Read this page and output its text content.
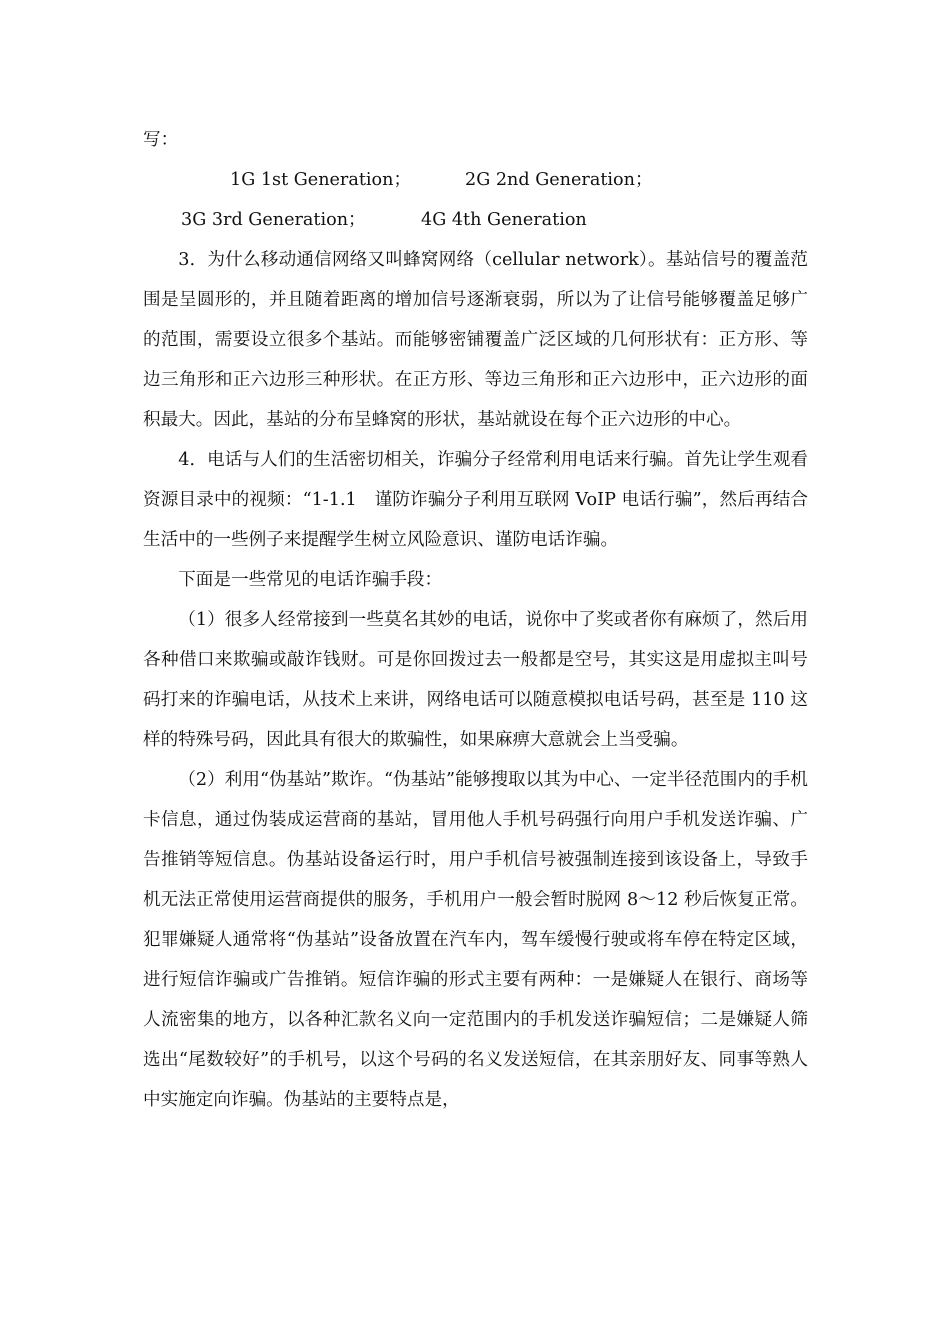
写：

1G 1st Generation；	2G 2nd Generation；
3G 3rd Generation；	4G 4th Generation

3．为什么移动通信网络又叫蜂窝网络（cellular network）。基站信号的覆盖范围是呈圆形的，并且随着距离的增加信号逐渐衰弱，所以为了让信号能够覆盖足够广的范围，需要设立很多个基站。而能够密铺覆盖广泛区域的几何形状有：正方形、等边三角形和正六边形三种形状。在正方形、等边三角形和正六边形中，正六边形的面积最大。因此，基站的分布呈蜂窝的形状，基站就设在每个正六边形的中心。

4．电话与人们的生活密切相关，诈骗分子经常利用电话来行骗。首先让学生观看资源目录中的视频：“1-1.1　谨防诈骗分子利用互联网 VoIP 电话行骗”，然后再结合生活中的一些例子来提醒学生树立风险意识、谨防电话诈骗。

下面是一些常见的电话诈骗手段：

（1）很多人经常接到一些莫名其妙的电话，说你中了奖或者你有麻烦了，然后用各种借口来欺骗或敲诈钱财。可是你回拨过去一般都是空号，其实这是用虚拟主叫号码打来的诈骗电话，从技术上来讲，网络电话可以随意模拟电话号码，甚至是 110 这样的特殊号码，因此具有很大的欺骗性，如果麻痹大意就会上当受骗。

（2）利用“伪基站”欺诈。“伪基站”能够搜取以其为中心、一定半径范围内的手机卡信息，通过伪装成运营商的基站，冒用他人手机号码强行向用户手机发送诈骗、广告推销等短信息。伪基站设备运行时，用户手机信号被强制连接到该设备上，导致手机无法正常使用运营商提供的服务，手机用户一般会暂时脱网 8～12 秒后恢复正常。犯罪嫌疑人通常将“伪基站”设备放置在汽车内，驾车缓慢行驶或将车停在特定区域，进行短信诈骗或广告推销。短信诈骗的形式主要有两种：一是嫌疑人在银行、商场等人流密集的地方，以各种汇款名义向一定范围内的手机发送诈骗短信；二是嫌疑人筛选出“尾数较好”的手机号，以这个号码的名义发送短信，在其亲朋好友、同事等熟人中实施定向诈骗。伪基站的主要特点是，
